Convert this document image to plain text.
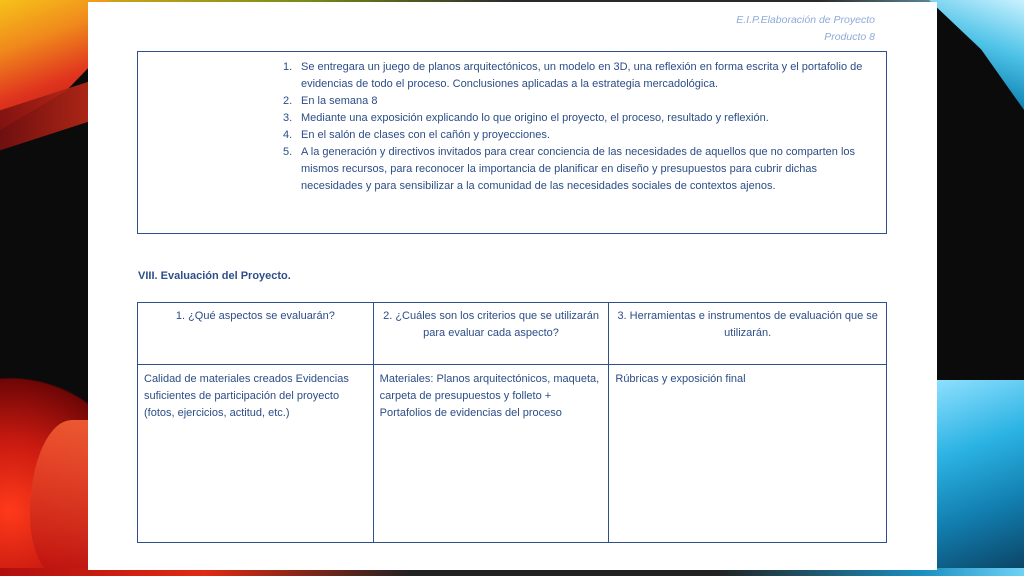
E.I.P.Elaboración de Proyecto
Producto 8
1. Se entregara un juego de planos arquitectónicos, un modelo en 3D, una reflexión en forma escrita y el portafolio de evidencias de todo el proceso. Conclusiones aplicadas a la estrategia mercadológica.
2. En la semana 8
3. Mediante una exposición explicando lo que origino el proyecto, el proceso, resultado y reflexión.
4. En el salón de clases con el cañón y proyecciones.
5. A la generación y directivos invitados para crear conciencia de las necesidades de aquellos que no comparten los mismos recursos, para reconocer la importancia de planificar en diseño y presupuestos para cubrir dichas necesidades y para sensibilizar a la comunidad de las necesidades sociales de contextos ajenos.
VIII. Evaluación del Proyecto.
1. ¿Qué aspectos se evaluarán?	2. ¿Cuáles son los criterios que se utilizarán para evaluar cada aspecto?	3. Herramientas e instrumentos de evaluación que se utilizarán.
Calidad de materiales creados Evidencias suficientes de participación del proyecto (fotos, ejercicios, actitud, etc.)	Materiales: Planos arquitectónicos, maqueta, carpeta de presupuestos y folleto + Portafolios de evidencias del proceso	Rúbricas y exposición final
